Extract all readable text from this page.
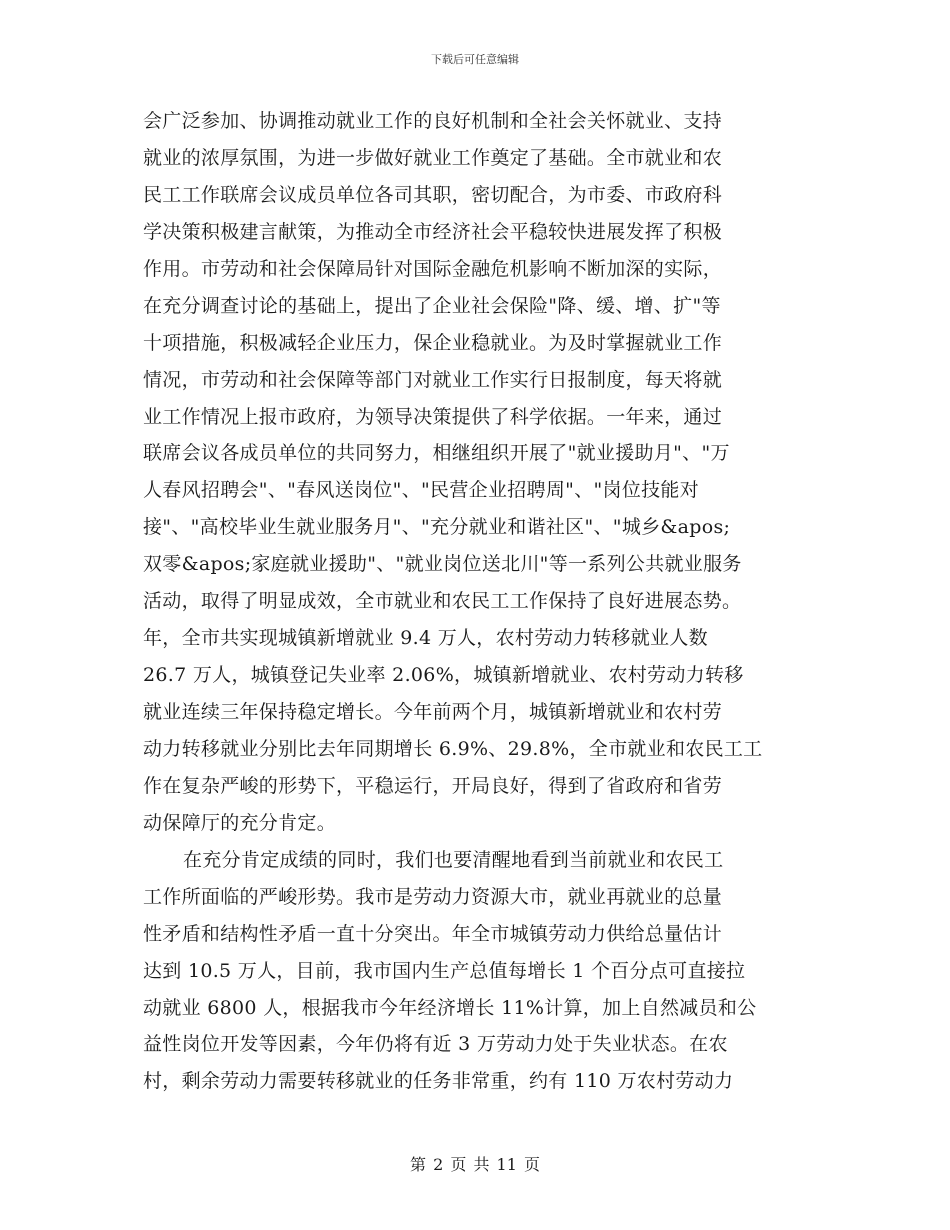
下载后可任意编辑
会广泛参加、协调推动就业工作的良好机制和全社会关怀就业、支持
就业的浓厚氛围，为进一步做好就业工作奠定了基础。全市就业和农
民工工作联席会议成员单位各司其职，密切配合，为市委、市政府科
学决策积极建言献策，为推动全市经济社会平稳较快进展发挥了积极
作用。市劳动和社会保障局针对国际金融危机影响不断加深的实际，
在充分调查讨论的基础上，提出了企业社会保险"降、缓、增、扩"等
十项措施，积极减轻企业压力，保企业稳就业。为及时掌握就业工作
情况，市劳动和社会保障等部门对就业工作实行日报制度，每天将就
业工作情况上报市政府，为领导决策提供了科学依据。一年来，通过
联席会议各成员单位的共同努力，相继组织开展了"就业援助月"、"万
人春风招聘会"、"春风送岗位"、"民营企业招聘周"、"岗位技能对
接"、"高校毕业生就业服务月"、"充分就业和谐社区"、"城乡&apos;
双零&apos;家庭就业援助"、"就业岗位送北川"等一系列公共就业服务
活动，取得了明显成效，全市就业和农民工工作保持了良好进展态势。
年，全市共实现城镇新增就业 9.4 万人，农村劳动力转移就业人数
26.7 万人，城镇登记失业率 2.06%，城镇新增就业、农村劳动力转移
就业连续三年保持稳定增长。今年前两个月，城镇新增就业和农村劳
动力转移就业分别比去年同期增长 6.9%、29.8%，全市就业和农民工工
作在复杂严峻的形势下，平稳运行，开局良好，得到了省政府和省劳
动保障厅的充分肯定。
在充分肯定成绩的同时，我们也要清醒地看到当前就业和农民工
工作所面临的严峻形势。我市是劳动力资源大市，就业再就业的总量
性矛盾和结构性矛盾一直十分突出。年全市城镇劳动力供给总量估计
达到 10.5 万人，目前，我市国内生产总值每增长 1 个百分点可直接拉
动就业 6800 人，根据我市今年经济增长 11%计算，加上自然减员和公
益性岗位开发等因素，今年仍将有近 3 万劳动力处于失业状态。在农
村，剩余劳动力需要转移就业的任务非常重，约有 110 万农村劳动力
第 2 页 共 11 页
